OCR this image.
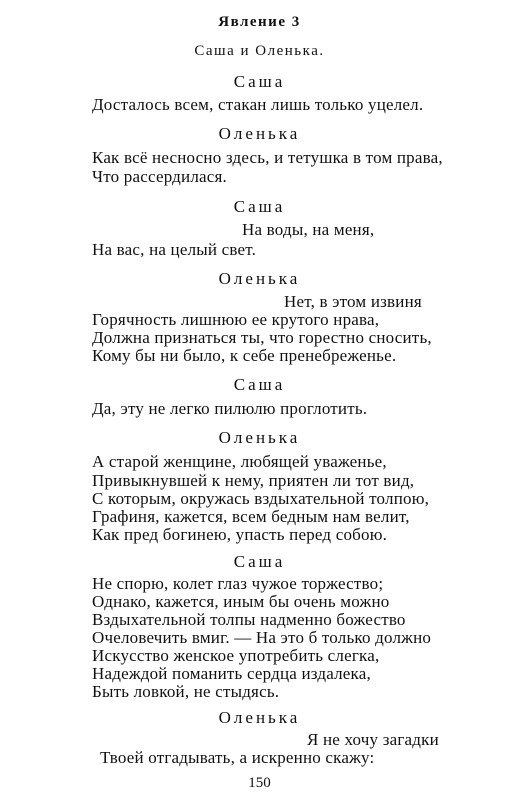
Явление 3
Саша и Оленька.
Саша
Досталось всем, стакан лишь только уцелел.
Оленька
Как всё несносно здесь, и тетушка в том права,
Что рассердилася.
Саша
На воды, на меня,
На вас, на целый свет.
Оленька
Нет, в этом извиня
Горячность лишнюю ее крутого нрава,
Должна признаться ты, что горестно сносить,
Кому бы ни было, к себе пренебреженье.
Саша
Да, эту не легко пилюлю проглотить.
Оленька
А старой женщине, любящей уваженье,
Привыкнувшей к нему, приятен ли тот вид,
С которым, окружась вздыхательной толпою,
Графиня, кажется, всем бедным нам велит,
Как пред богинею, упасть перед собою.
Саша
Не спорю, колет глаз чужое торжество;
Однако, кажется, иным бы очень можно
Вздыхательной толпы надменно божество
Очеловечить вмиг. — На это б только должно
Искусство женское употребить слегка,
Надеждой поманить сердца издалека,
Быть ловкой, не стыдясь.
Оленька
Я не хочу загадки
Твоей отгадывать, а искренно скажу:
150
